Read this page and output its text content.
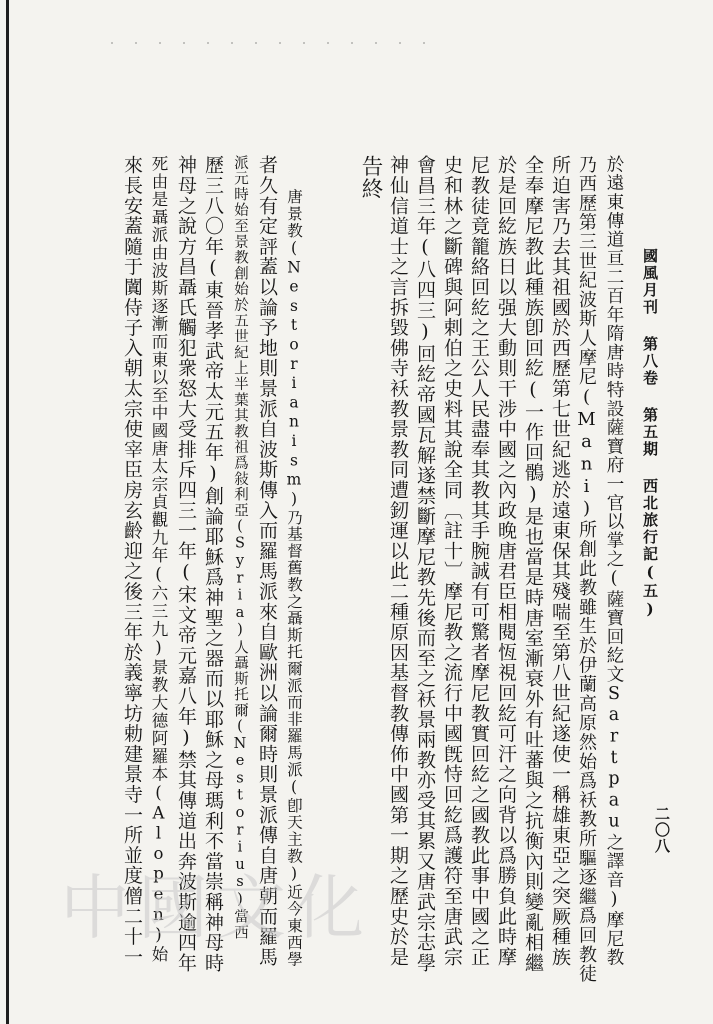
國風月刊 第八卷 第五期 西北旅行記(五)
二〇八
於遠東傳道亘二百年隋唐時特設薩寶府一官以掌之(薩寶回紇文Sartpau之譯音)摩尼教
乃西歷第三世紀波斯人摩尼(Mani)所創此教雖生於伊蘭高原然始爲袄教所驅逐繼爲回教徒
所迫害乃去其祖國於西歷第七世紀逃於遠東保其殘喘至第八世紀遂使一稱雄東亞之突厥種族
全奉摩尼教此種族卽回紇(一作回鶻)是也當是時唐室漸衰外有吐蕃與之抗衡內則變亂相繼
於是回紇族日以强大動則干涉中國之內政晚唐君臣相閱恆視回紇可汗之向背以爲勝負此時摩
尼教徒竟籠絡回紇之王公人民盡奉其教其手腕誠有可驚者摩尼教實回紇之國教此事中國之正
史和林之斷碑與阿剌伯之史料其說全同〔註十〕摩尼教之流行中國旣恃回紇爲護符至唐武宗
會昌三年(八四三)回紇帝國瓦解遂禁斷摩尼教先後而至之袄景兩教亦受其累又唐武宗志學
神仙信道士之言拆毀佛寺袄教景教同遭釰運以此二種原因基督教傳佈中國第一期之歷史於是
告終
　　唐景教(Nestorianism)乃基督舊教之聶斯托爾派而非羅馬派(卽天主教)近今東西學
者久有定評蓋以論予地則景派自波斯傳入而羅馬派來自歐洲以論爾時則景派傳自唐朝而羅馬
派元時始至景教創始於五世紀上半葉其教祖爲敍利亞(Syria)人聶斯托爾(Nestorius)當西
歷三八〇年(東晉孝武帝太元五年)創論耶穌爲神聖之器而以耶穌之母瑪利不當崇稱神母時
神母之說方昌聶氏觸犯衆怒大受排斥四三一年(宋文帝元嘉八年)禁其傳道出奔波斯逾四年
死由是聶派由波斯逐漸而東以至中國唐太宗貞觀九年(六三九)景教大德阿羅本(Alopen)始
來長安蓋隨于闐侍子入朝太宗使宰臣房玄齡迎之後三年於義寧坊勅建景寺一所並度僧二十一
中國文化
